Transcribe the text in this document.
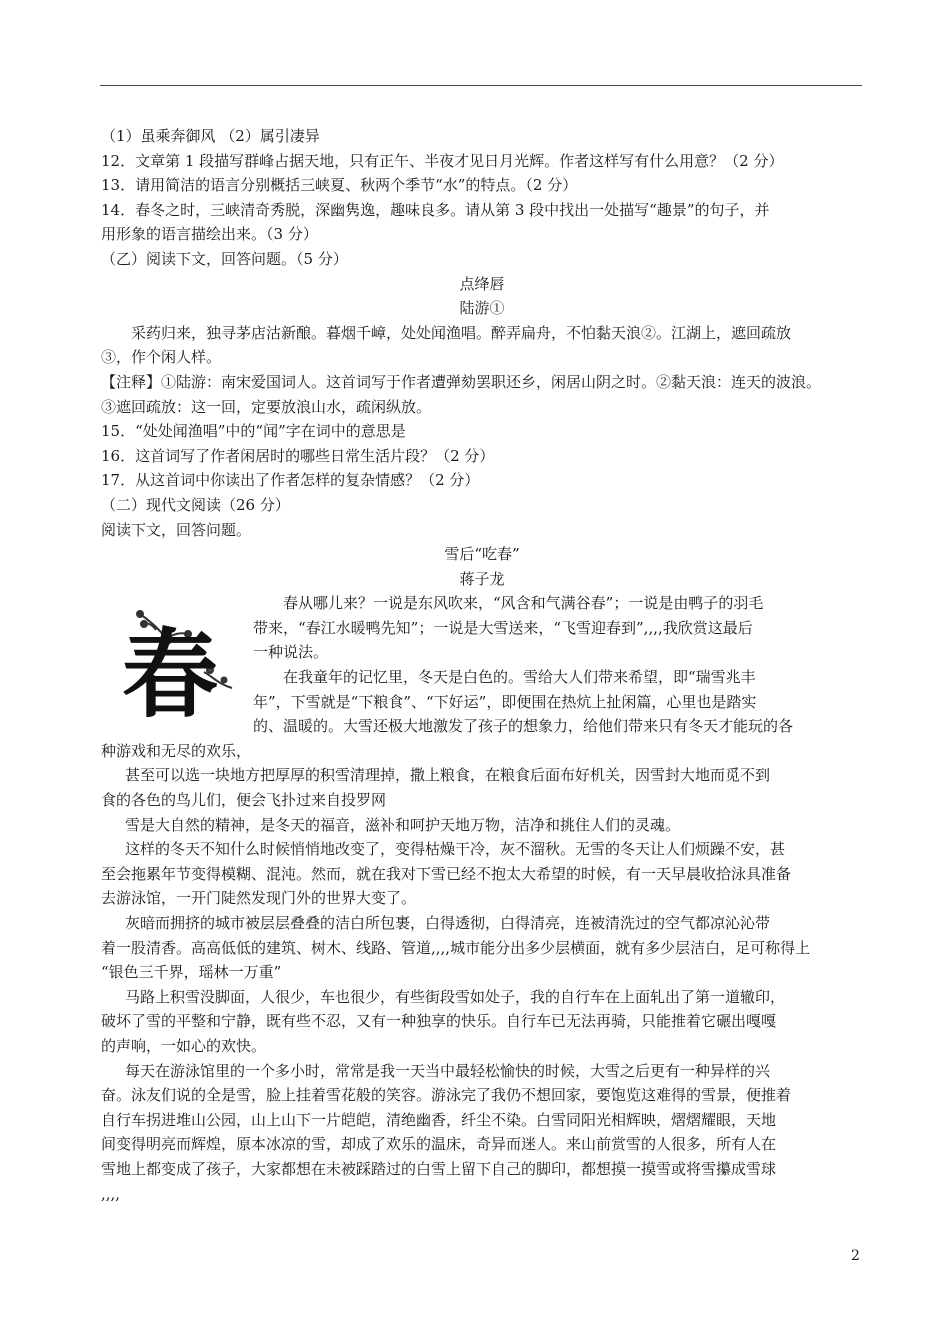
春
（1）虽乘奔御风 （2）属引凄异
12．文章第 1 段描写群峰占据天地，只有正午、半夜才见日月光辉。作者这样写有什么用意？（2 分）
13．请用简洁的语言分别概括三峡夏、秋两个季节“水”的特点。（2 分）
14．春冬之时，三峡清奇秀脱，深幽隽逸，趣味良多。请从第 3 段中找出一处描写“趣景”的句子，并
用形象的语言描绘出来。（3 分）
（乙）阅读下文，回答问题。（5 分）
点绛唇
陆游①
采药归来，独寻茅店沽新酿。暮烟千嶂，处处闻渔唱。醉弄扁舟，不怕黏天浪②。江湖上，遮回疏放
③，作个闲人样。
【注释】①陆游：南宋爱国词人。这首词写于作者遭弹劾罢职还乡，闲居山阴之时。②黏天浪：连天的波浪。
③遮回疏放：这一回，定要放浪山水，疏闲纵放。
15．“处处闻渔唱”中的“闻”字在词中的意思是
16．这首词写了作者闲居时的哪些日常生活片段？（2 分）
17．从这首词中你读出了作者怎样的复杂情感？（2 分）
（二）现代文阅读（26 分）
阅读下文，回答问题。
雪后“吃春”
蒋子龙
春从哪儿来？一说是东风吹来，“风含和气满谷春”；一说是由鸭子的羽毛
带来，“春江水暖鸭先知”；一说是大雪送来，“飞雪迎春到”,,,,我欣赏这最后
一种说法。
在我童年的记忆里，冬天是白色的。雪给大人们带来希望，即“瑞雪兆丰
年”，下雪就是“下粮食”、“下好运”，即便围在热炕上扯闲篇，心里也是踏实
的、温暖的。大雪还极大地激发了孩子的想象力，给他们带来只有冬天才能玩的各
种游戏和无尽的欢乐，
甚至可以选一块地方把厚厚的积雪清理掉，撒上粮食，在粮食后面布好机关，因雪封大地而觅不到
食的各色的鸟儿们，便会飞扑过来自投罗网
雪是大自然的精神，是冬天的福音，滋补和呵护天地万物，洁净和挑住人们的灵魂。
这样的冬天不知什么时候悄悄地改变了，变得枯燥干冷，灰不溜秋。无雪的冬天让人们烦躁不安，甚
至会拖累年节变得模糊、混沌。然而，就在我对下雪已经不抱太大希望的时候，有一天早晨收拾泳具准备
去游泳馆，一开门陡然发现门外的世界大变了。
灰暗而拥挤的城市被层层叠叠的洁白所包裹，白得透彻，白得清亮，连被清洗过的空气都凉沁沁带
着一股清香。高高低低的建筑、树木、线路、管道,,,,城市能分出多少层横面，就有多少层洁白，足可称得上
“银色三千界，瑶林一万重”
马路上积雪没脚面，人很少，车也很少，有些街段雪如处子，我的自行车在上面轧出了第一道辙印，
破坏了雪的平整和宁静，既有些不忍，又有一种独享的快乐。自行车已无法再骑，只能推着它碾出嘎嘎
的声响，一如心的欢快。
每天在游泳馆里的一个多小时，常常是我一天当中最轻松愉快的时候，大雪之后更有一种异样的兴
奋。泳友们说的全是雪，脸上挂着雪花般的笑容。游泳完了我仍不想回家，要饱览这难得的雪景，便推着
自行车拐进堆山公园，山上山下一片皑皑，清绝幽香，纤尘不染。白雪同阳光相辉映，熠熠耀眼，天地
间变得明亮而辉煌，原本冰凉的雪，却成了欢乐的温床，奇异而迷人。来山前赏雪的人很多，所有人在
雪地上都变成了孩子，大家都想在未被踩踏过的白雪上留下自己的脚印，都想摸一摸雪或将雪攥成雪球
,,,,
2
